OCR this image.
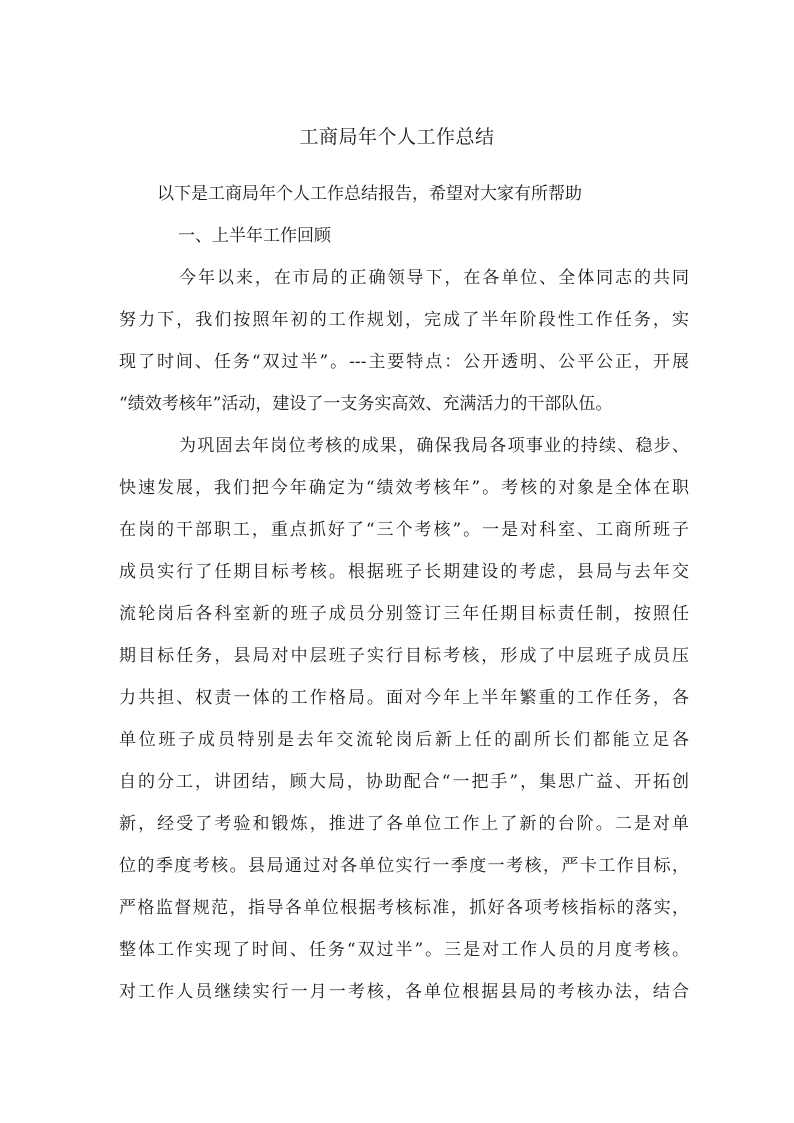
工商局年个人工作总结
以下是工商局年个人工作总结报告，希望对大家有所帮助
一、上半年工作回顾
今年以来，在市局的正确领导下，在各单位、全体同志的共同
努力下，我们按照年初的工作规划，完成了半年阶段性工作任务，实
现了时间、任务“双过半”。---主要特点：公开透明、公平公正，开展
“绩效考核年”活动，建设了一支务实高效、充满活力的干部队伍。
为巩固去年岗位考核的成果，确保我局各项事业的持续、稳步、
快速发展，我们把今年确定为“绩效考核年”。考核的对象是全体在职
在岗的干部职工，重点抓好了“三个考核”。一是对科室、工商所班子
成员实行了任期目标考核。根据班子长期建设的考虑，县局与去年交
流轮岗后各科室新的班子成员分别签订三年任期目标责任制，按照任
期目标任务，县局对中层班子实行目标考核，形成了中层班子成员压
力共担、权责一体的工作格局。面对今年上半年繁重的工作任务，各
单位班子成员特别是去年交流轮岗后新上任的副所长们都能立足各
自的分工，讲团结，顾大局，协助配合“一把手”，集思广益、开拓创
新，经受了考验和锻炼，推进了各单位工作上了新的台阶。二是对单
位的季度考核。县局通过对各单位实行一季度一考核，严卡工作目标，
严格监督规范，指导各单位根据考核标准，抓好各项考核指标的落实，
整体工作实现了时间、任务“双过半”。三是对工作人员的月度考核。
对工作人员继续实行一月一考核，各单位根据县局的考核办法，结合
